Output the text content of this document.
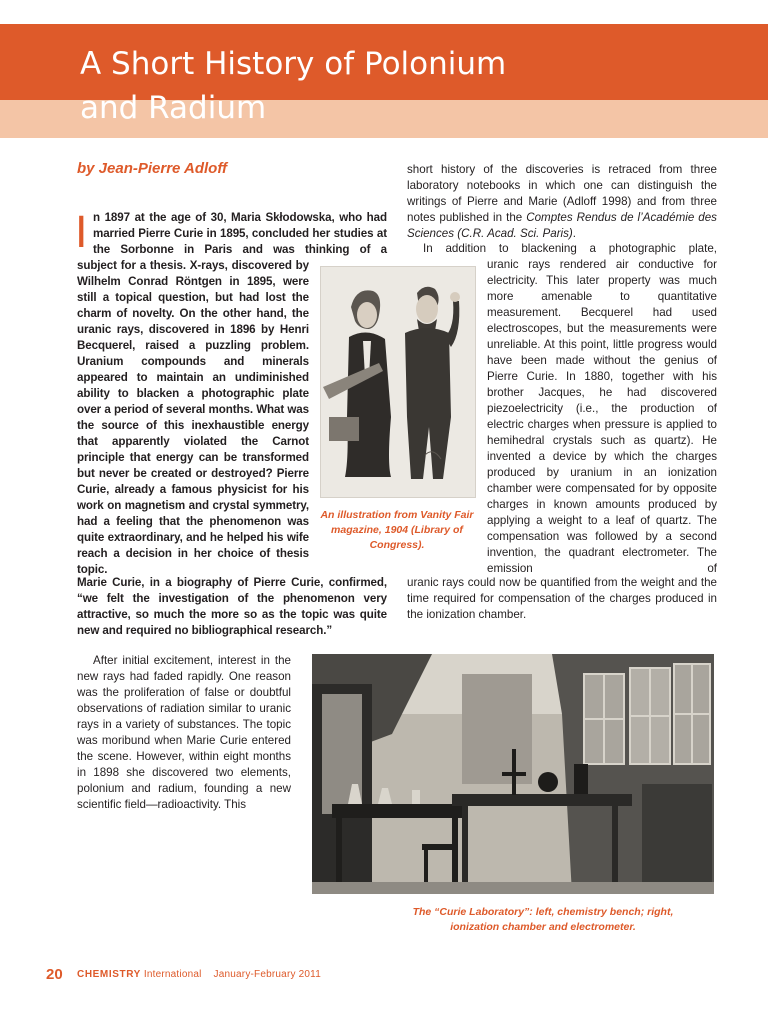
A Short History of Polonium
and Radium

by Jean-Pierre Adloff

I n 1897 at the age of 30, Maria Skłodowska, who had married Pierre Curie in 1895, concluded her studies at the Sorbonne in Paris and was thinking of a

subject for a thesis. X-rays, discovered by Wilhelm Conrad Röntgen in 1895, were still a topical question, but had lost the charm of novelty. On the other hand, the uranic rays, discovered in 1896 by Henri Becquerel, raised a puzzling problem. Uranium compounds and minerals appeared to maintain an undiminished ability to blacken a photographic plate over a period of several months. What was the source of this inexhaustible energy that apparently violated the Carnot principle that energy can be transformed but never be created or destroyed? Pierre Curie, already a famous physicist for his work on magnetism and crystal symmetry, had a feeling that the phenomenon was quite extraordinary, and he helped his wife reach a decision in her choice of thesis topic.

Marie Curie, in a biography of Pierre Curie, confirmed, “we felt the investigation of the phenomenon very attractive, so much the more so as the topic was quite new and required no bibliographical research.”

After initial excitement, interest in the new rays had faded rapidly. One reason was the proliferation of false or doubtful observations of radiation similar to uranic rays in a variety of substances. The topic was moribund when Marie Curie entered the scene. However, within eight months in 1898 she discovered two elements, polonium and radium, founding a new scientific field—radioactivity. This

short history of the discoveries is retraced from three laboratory notebooks in which one can distinguish the writings of Pierre and Marie (Adloff 1998) and from three notes published in the Comptes Rendus de l’Académie des Sciences (C.R. Acad. Sci. Paris).

In addition to blackening a photographic plate,

uranic rays rendered air conductive for electricity. This later property was much more amenable to quantitative measurement. Becquerel had used electroscopes, but the measurements were unreliable. At this point, little progress would have been made without the genius of Pierre Curie. In 1880, together with his brother Jacques, he had discovered piezoelectricity (i.e., the production of electric charges when pressure is applied to hemihedral crystals such as quartz). He invented a device by which the charges produced by uranium in an ionization chamber were compensated for by opposite charges in known amounts produced by applying a weight to a leaf of quartz. The compensation was followed by a second invention, the quadrant electrometer. The emission of

uranic rays could now be quantified from the weight and the time required for compensation of the charges produced in the ionization chamber.

An illustration from Vanity Fair magazine, 1904 (Library of Congress).

The “Curie Laboratory”: left, chemistry bench; right, ionization chamber and electrometer.

20 CHEMISTRY International January-February 2011
